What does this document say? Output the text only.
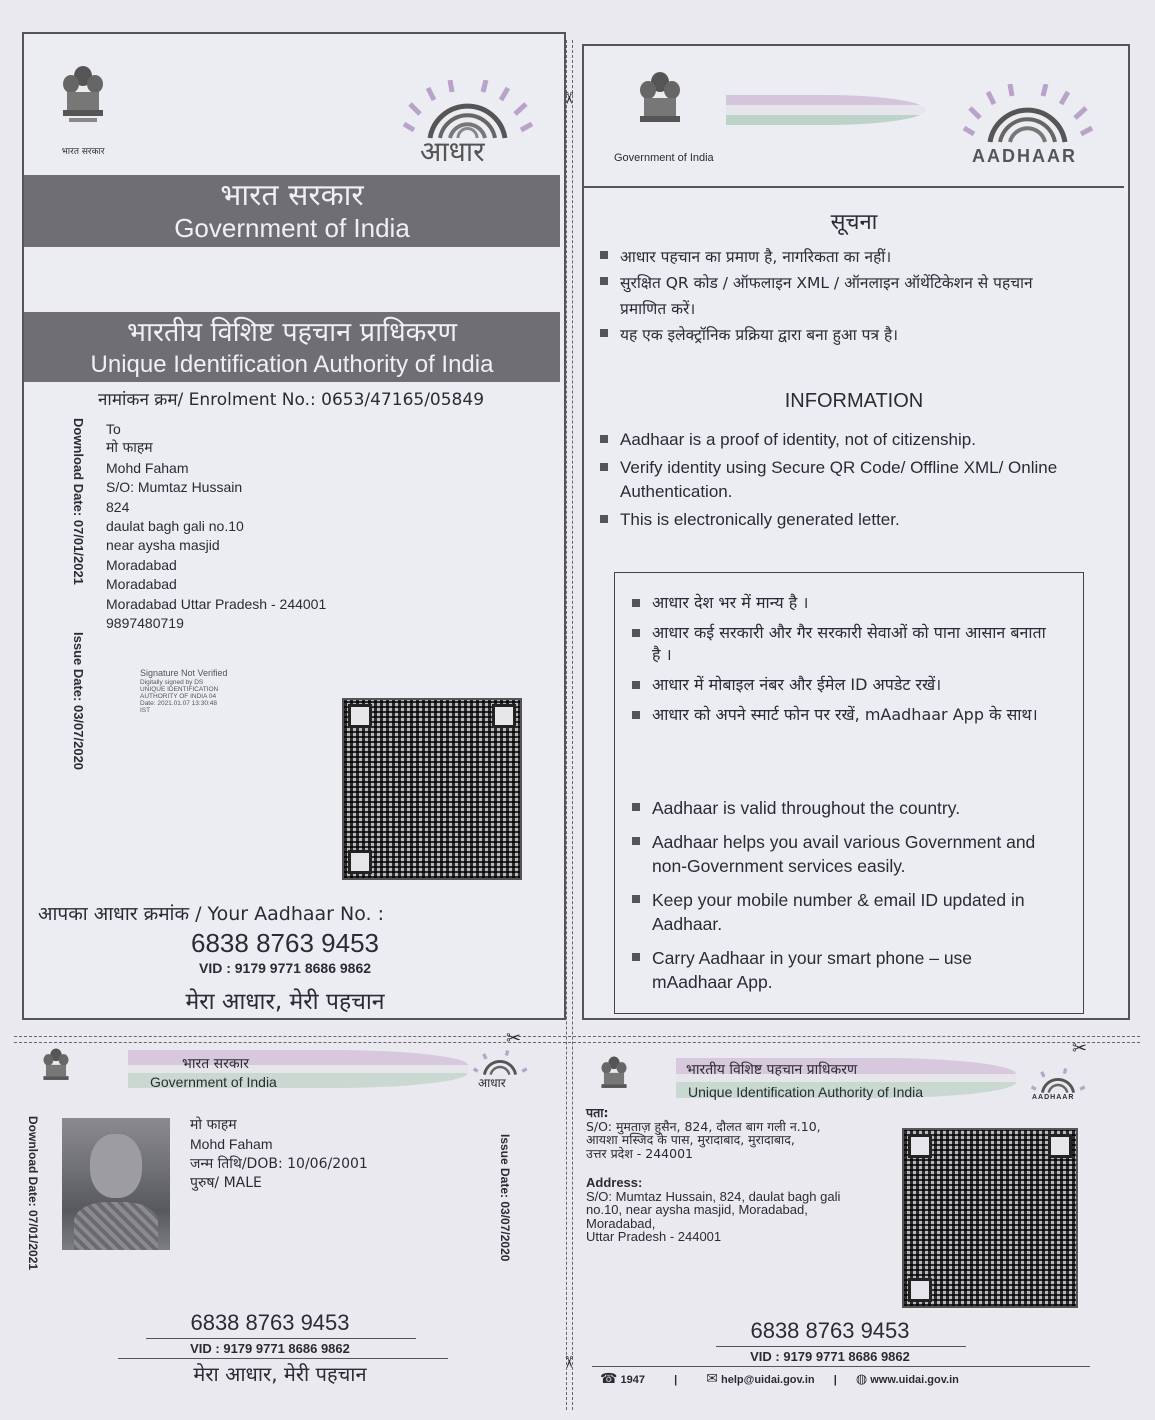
भारत सरकार	आधार
भारत सरकार
Government of India
भारतीय विशिष्ट पहचान प्राधिकरण
Unique Identification Authority of India
नामांकन क्रम/ Enrolment No.: 0653/47165/05849
Download Date: 07/01/2021
Issue Date: 03/07/2020
To
मो फाहम
Mohd Faham
S/O: Mumtaz Hussain
824
daulat bagh gali no.10
near aysha masjid
Moradabad
Moradabad
Moradabad Uttar Pradesh - 244001
9897480719
Signature Not Verified
Digitally signed by DS
UNIQUE IDENTIFICATION
AUTHORITY OF INDIA 04
Date: 2021.01.07 13:30:48
IST
आपका आधार क्रमांक / Your Aadhaar No. :
6838 8763 9453
VID : 9179 9771 8686 9862
मेरा आधार, मेरी पहचान
✂
✂
Government of India	AADHAAR
सूचना
आधार पहचान का प्रमाण है, नागरिकता का नहीं।
सुरक्षित QR कोड / ऑफलाइन XML / ऑनलाइन ऑथेंटिकेशन से पहचान प्रमाणित करें।
यह एक इलेक्ट्रॉनिक प्रक्रिया द्वारा बना हुआ पत्र है।
INFORMATION
Aadhaar is a proof of identity, not of citizenship.
Verify identity using Secure QR Code/ Offline XML/ Online Authentication.
This is electronically generated letter.
आधार देश भर में मान्य है ।
आधार कई सरकारी और गैर सरकारी सेवाओं को पाना आसान बनाता है ।
आधार में मोबाइल नंबर और ईमेल ID अपडेट रखें।
आधार को अपने स्मार्ट फोन पर रखें, mAadhaar App के साथ।
Aadhaar is valid throughout the country.
Aadhaar helps you avail various Government and non-Government services easily.
Keep your mobile number & email ID updated in Aadhaar.
Carry Aadhaar in your smart phone – use mAadhaar App.
✂	✂
भारत सरकार
Government of India	आधार
Download Date: 07/01/2021	Issue Date: 03/07/2020
मो फाहम
Mohd Faham
जन्म तिथि/DOB: 10/06/2001
पुरुष/ MALE
6838 8763 9453
VID : 9179 9771 8686 9862
मेरा आधार, मेरी पहचान
भारतीय विशिष्ट पहचान प्राधिकरण
Unique Identification Authority of India	AADHAAR
पता:
S/O: मुमताज़ हुसैन, 824, दौलत बाग गली न.10,
आयशा मस्जिद के पास, मुरादाबाद, मुरादाबाद,
उत्तर प्रदेश - 244001
Address:
S/O: Mumtaz Hussain, 824, daulat bagh gali
no.10, near aysha masjid, Moradabad,
Moradabad,
Uttar Pradesh - 244001
6838 8763 9453
VID : 9179 9771 8686 9862
☎ 1947	| ✉ help@uidai.gov.in | ◍ www.uidai.gov.in
